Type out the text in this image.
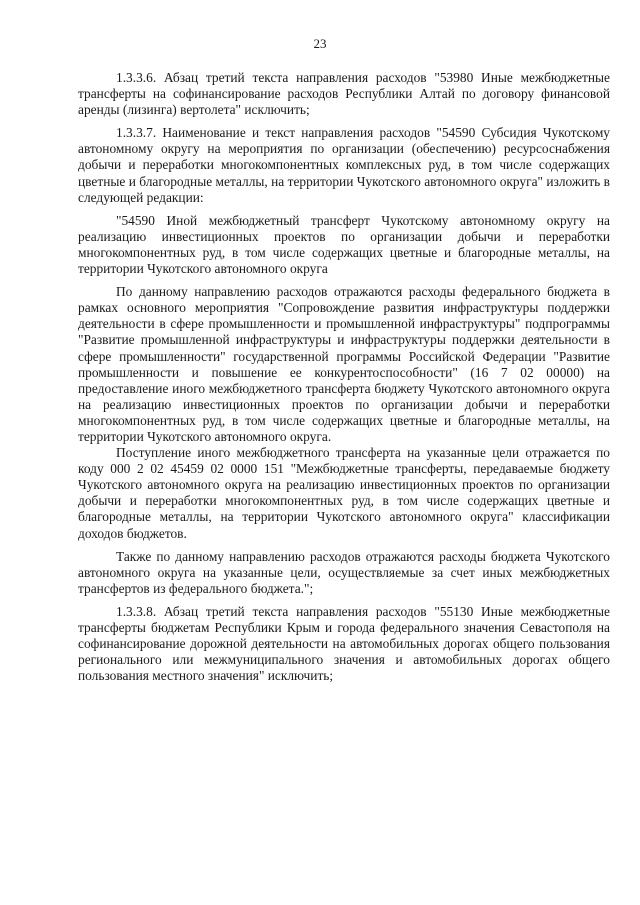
23

1.3.3.6. Абзац третий текста направления расходов "53980 Иные межбюджетные трансферты на софинансирование расходов Республики Алтай по договору финансовой аренды (лизинга) вертолета" исключить;

1.3.3.7. Наименование и текст направления расходов "54590 Субсидия Чукотскому автономному округу на мероприятия по организации (обеспечению) ресурсоснабжения добычи и переработки многокомпонентных комплексных руд, в том числе содержащих цветные и благородные металлы, на территории Чукотского автономного округа" изложить в следующей редакции:

"54590 Иной межбюджетный трансферт Чукотскому автономному округу на реализацию инвестиционных проектов по организации добычи и переработки многокомпонентных руд, в том числе содержащих цветные и благородные металлы, на территории Чукотского автономного округа

По данному направлению расходов отражаются расходы федерального бюджета в рамках основного мероприятия "Сопровождение развития инфраструктуры поддержки деятельности в сфере промышленности и промышленной инфраструктуры" подпрограммы "Развитие промышленной инфраструктуры и инфраструктуры поддержки деятельности в сфере промышленности" государственной программы Российской Федерации "Развитие промышленности и повышение ее конкурентоспособности" (16 7 02 00000) на предоставление иного межбюджетного трансферта бюджету Чукотского автономного округа на реализацию инвестиционных проектов по организации добычи и переработки многокомпонентных руд, в том числе содержащих цветные и благородные металлы, на территории Чукотского автономного округа.

Поступление иного межбюджетного трансферта на указанные цели отражается по коду 000 2 02 45459 02 0000 151 "Межбюджетные трансферты, передаваемые бюджету Чукотского автономного округа на реализацию инвестиционных проектов по организации добычи и переработки многокомпонентных руд, в том числе содержащих цветные и благородные металлы, на территории Чукотского автономного округа" классификации доходов бюджетов.

Также по данному направлению расходов отражаются расходы бюджета Чукотского автономного округа на указанные цели, осуществляемые за счет иных межбюджетных трансфертов из федерального бюджета.";

1.3.3.8. Абзац третий текста направления расходов "55130 Иные межбюджетные трансферты бюджетам Республики Крым и города федерального значения Севастополя на софинансирование дорожной деятельности на автомобильных дорогах общего пользования регионального или межмуниципального значения и автомобильных дорогах общего пользования местного значения" исключить;
